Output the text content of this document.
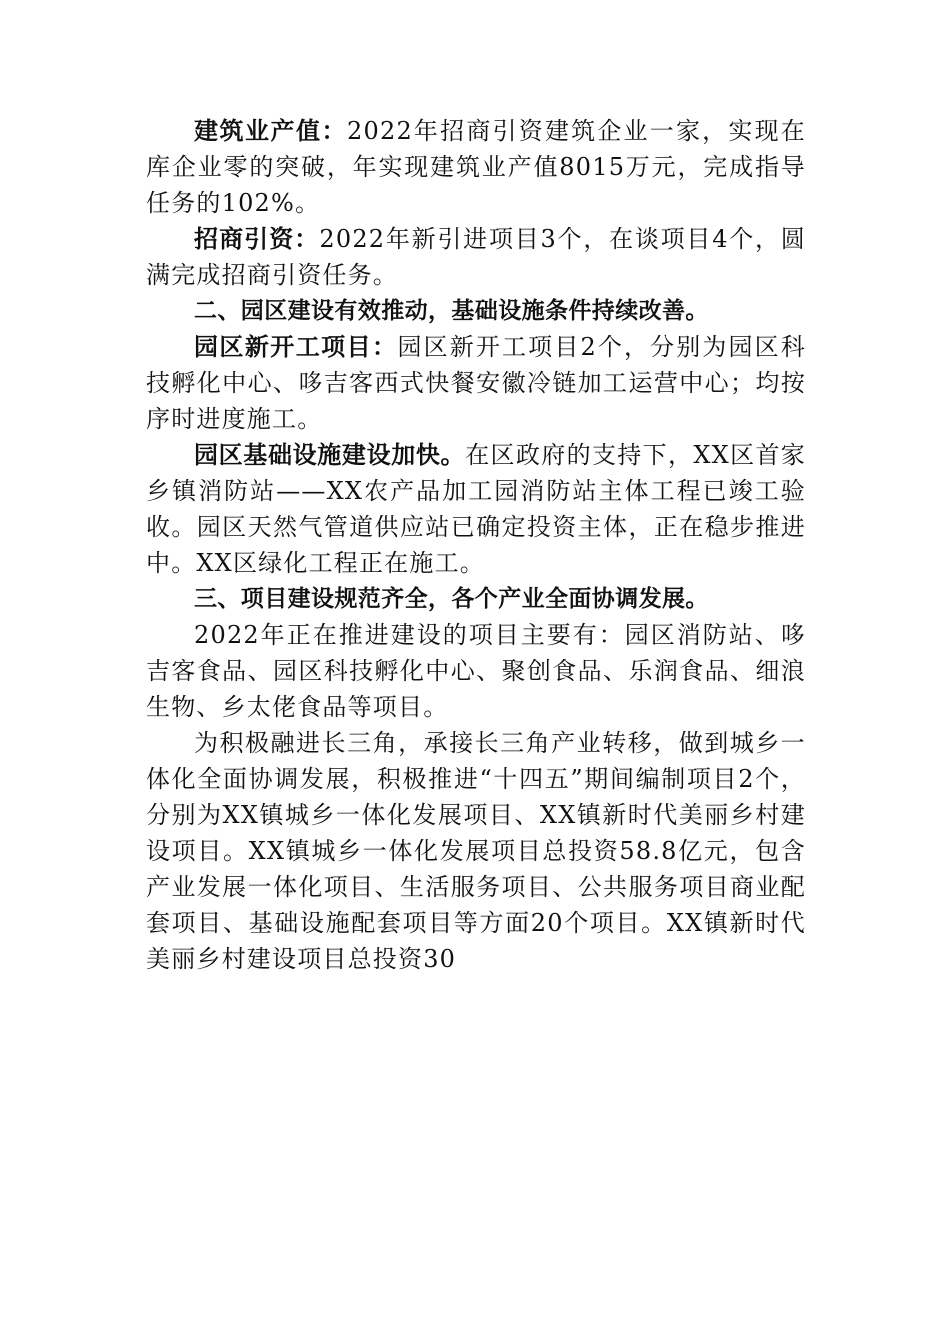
建筑业产值：2022年招商引资建筑企业一家，实现在库企业零的突破，年实现建筑业产值8015万元，完成指导任务的102%。

招商引资：2022年新引进项目3个，在谈项目4个，圆满完成招商引资任务。

二、园区建设有效推动，基础设施条件持续改善。

园区新开工项目：园区新开工项目2个，分别为园区科技孵化中心、哆吉客西式快餐安徽冷链加工运营中心；均按序时进度施工。

园区基础设施建设加快。在区政府的支持下，XX区首家乡镇消防站——XX农产品加工园消防站主体工程已竣工验收。园区天然气管道供应站已确定投资主体，正在稳步推进中。XX区绿化工程正在施工。

三、项目建设规范齐全，各个产业全面协调发展。

2022年正在推进建设的项目主要有：园区消防站、哆吉客食品、园区科技孵化中心、聚创食品、乐润食品、细浪生物、乡太佬食品等项目。

为积极融进长三角，承接长三角产业转移，做到城乡一体化全面协调发展，积极推进“十四五”期间编制项目2个，分别为XX镇城乡一体化发展项目、XX镇新时代美丽乡村建设项目。XX镇城乡一体化发展项目总投资58.8亿元，包含产业发展一体化项目、生活服务项目、公共服务项目商业配套项目、基础设施配套项目等方面20个项目。XX镇新时代美丽乡村建设项目总投资30
